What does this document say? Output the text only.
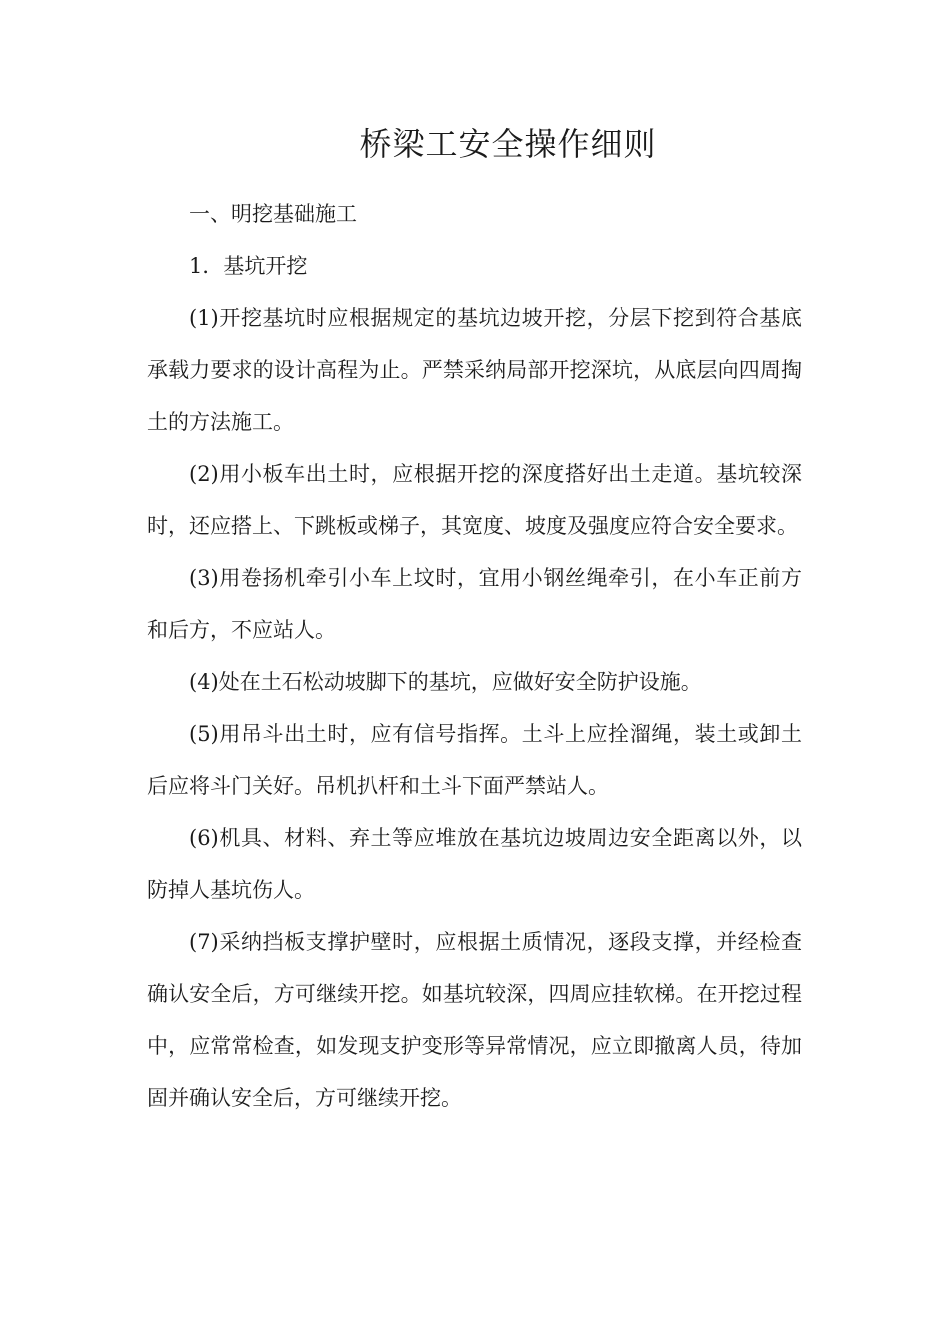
桥梁工安全操作细则

一、明挖基础施工

1．基坑开挖

(1)开挖基坑时应根据规定的基坑边坡开挖，分层下挖到符合基底承载力要求的设计高程为止。严禁采纳局部开挖深坑，从底层向四周掏土的方法施工。

(2)用小板车出土时，应根据开挖的深度搭好出土走道。基坑较深时，还应搭上、下跳板或梯子，其宽度、坡度及强度应符合安全要求。

(3)用卷扬机牵引小车上坟时，宜用小钢丝绳牵引，在小车正前方和后方，不应站人。

(4)处在土石松动坡脚下的基坑，应做好安全防护设施。

(5)用吊斗出土时，应有信号指挥。土斗上应拴溜绳，装土或卸土后应将斗门关好。吊机扒杆和土斗下面严禁站人。

(6)机具、材料、弃土等应堆放在基坑边坡周边安全距离以外，以防掉人基坑伤人。

(7)采纳挡板支撑护壁时，应根据土质情况，逐段支撑，并经检查确认安全后，方可继续开挖。如基坑较深，四周应挂软梯。在开挖过程中，应常常检查，如发现支护变形等异常情况，应立即撤离人员，待加固并确认安全后，方可继续开挖。
